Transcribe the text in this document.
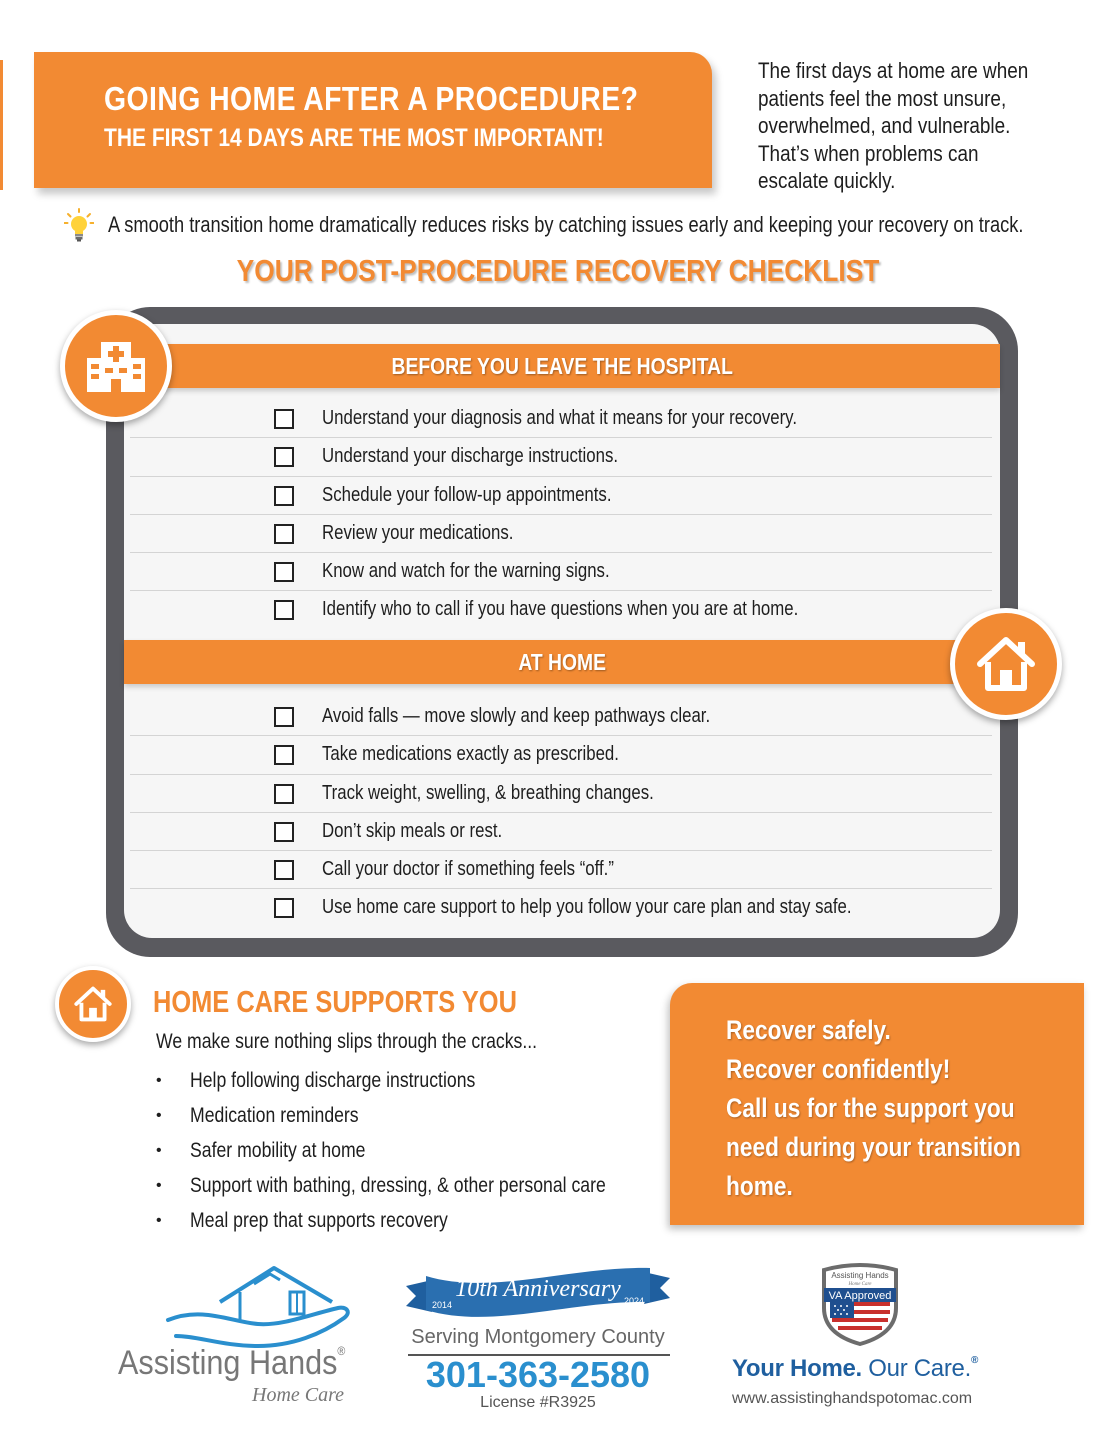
GOING HOME AFTER A PROCEDURE?
THE FIRST 14 DAYS ARE THE MOST IMPORTANT!
The first days at home are when
patients feel the most unsure,
overwhelmed, and vulnerable.
That’s when problems can
escalate quickly.
A smooth transition home dramatically reduces risks by catching issues early and keeping your recovery on track.
YOUR POST-PROCEDURE RECOVERY CHECKLIST
BEFORE YOU LEAVE THE HOSPITAL
Understand your diagnosis and what it means for your recovery.
Understand your discharge instructions.
Schedule your follow-up appointments.
Review your medications.
Know and watch for the warning signs.
Identify who to call if you have questions when you are at home.
AT HOME
Avoid falls — move slowly and keep pathways clear.
Take medications exactly as prescribed.
Track weight, swelling, & breathing changes.
Don’t skip meals or rest.
Call your doctor if something feels “off.”
Use home care support to help you follow your care plan and stay safe.
HOME CARE SUPPORTS YOU
We make sure nothing slips through the cracks...
•	Help following discharge instructions
•	Medication reminders
•	Safer mobility at home
•	Support with bathing, dressing, & other personal care
•	Meal prep that supports recovery
Recover safely.
Recover confidently!
Call us for the support you
need during your transition
home.
Assisting Hands®
Home Care
10th Anniversary
2014	2024
Serving Montgomery County
301-363-2580
License #R3925
Assisting Hands
Home Care
VA Approved
Your Home. Our Care.®
www.assistinghandspotomac.com
